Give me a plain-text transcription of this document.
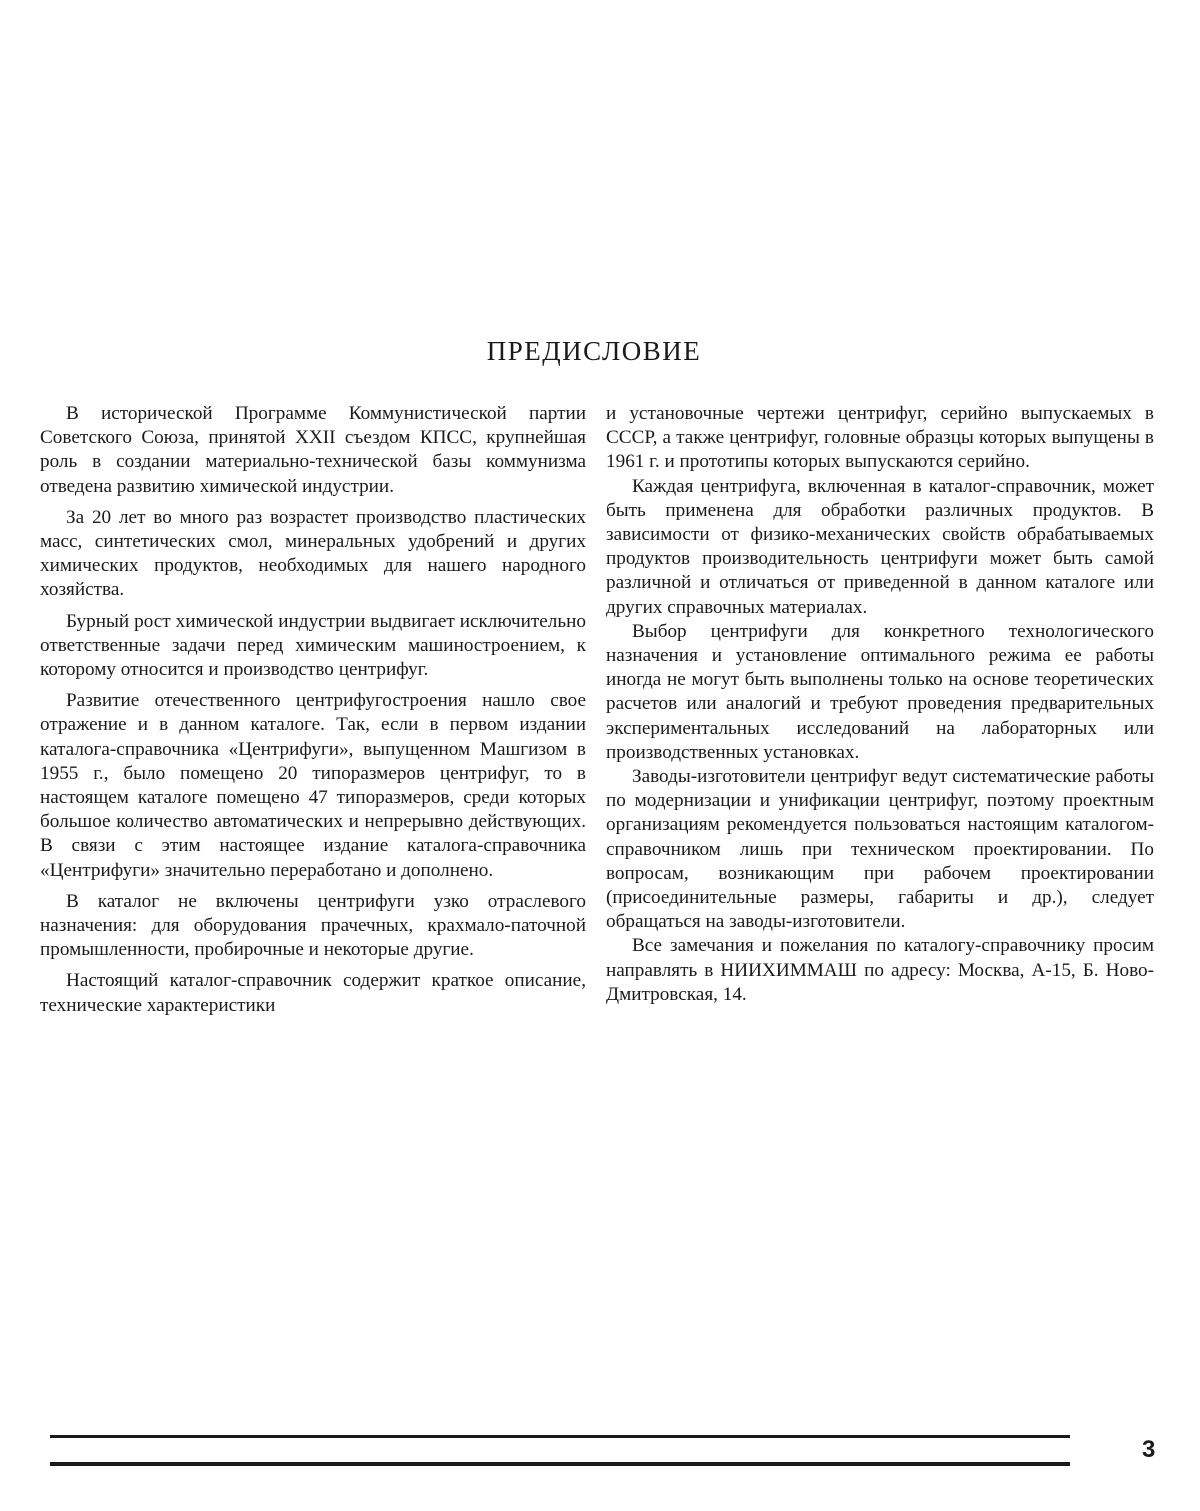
ПРЕДИСЛОВИЕ

В исторической Программе Коммунистической партии Советского Союза, принятой XXII съездом КПСС, крупнейшая роль в создании материально-технической базы коммунизма отведена развитию химической индустрии.

За 20 лет во много раз возрастет производство пластических масс, синтетических смол, минеральных удобрений и других химических продуктов, необходимых для нашего народного хозяйства.

Бурный рост химической индустрии выдвигает исключительно ответственные задачи перед химическим машиностроением, к которому относится и производство центрифуг.

Развитие отечественного центрифугостроения нашло свое отражение и в данном каталоге. Так, если в первом издании каталога-справочника «Центрифуги», выпущенном Машгизом в 1955 г., было помещено 20 типоразмеров центрифуг, то в настоящем каталоге помещено 47 типоразмеров, среди которых большое количество автоматических и непрерывно действующих. В связи с этим настоящее издание каталога-справочника «Центрифуги» значительно переработано и дополнено.

В каталог не включены центрифуги узко отраслевого назначения: для оборудования прачечных, крахмало-паточной промышленности, пробирочные и некоторые другие.

Настоящий каталог-справочник содержит краткое описание, технические характеристики

и установочные чертежи центрифуг, серийно выпускаемых в СССР, а также центрифуг, головные образцы которых выпущены в 1961 г. и прототипы которых выпускаются серийно.

Каждая центрифуга, включенная в каталог-справочник, может быть применена для обработки различных продуктов. В зависимости от физико-механических свойств обрабатываемых продуктов производительность центрифуги может быть самой различной и отличаться от приведенной в данном каталоге или других справочных материалах.

Выбор центрифуги для конкретного технологического назначения и установление оптимального режима ее работы иногда не могут быть выполнены только на основе теоретических расчетов или аналогий и требуют проведения предварительных экспериментальных исследований на лабораторных или производственных установках.

Заводы-изготовители центрифуг ведут систематические работы по модернизации и унификации центрифуг, поэтому проектным организациям рекомендуется пользоваться настоящим каталогом-справочником лишь при техническом проектировании. По вопросам, возникающим при рабочем проектировании (присоединительные размеры, габариты и др.), следует обращаться на заводы-изготовители.

Все замечания и пожелания по каталогу-справочнику просим направлять в НИИХИММАШ по адресу: Москва, А-15, Б. Ново-Дмитровская, 14.

3
